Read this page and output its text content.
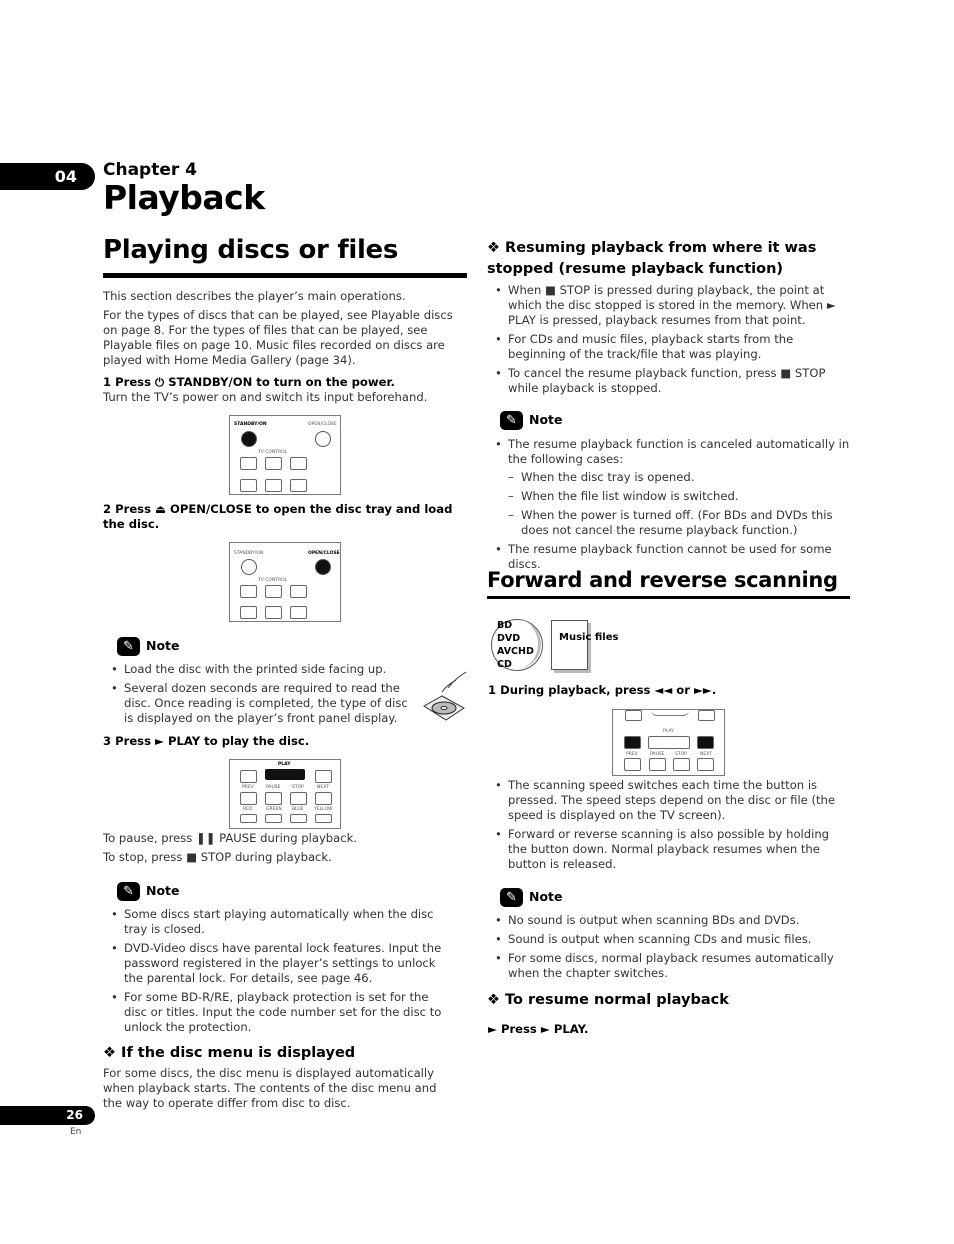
04	Chapter 4
Playback
Playing discs or files
This section describes the player’s main operations.
For the types of discs that can be played, see Playable discs on page 8. For the types of files that can be played, see Playable files on page 10. Music files recorded on discs are played with Home Media Gallery (page 34).
1 Press ⏻ STANDBY/ON to turn on the power.
Turn the TV’s power on and switch its input beforehand.
STANDBY/ON	OPEN/CLOSE
TV CONTROL
2 Press ⏏ OPEN/CLOSE to open the disc tray and load the disc.
STANDBY/ON	OPEN/CLOSE
TV CONTROL
✎ Note
• Load the disc with the printed side facing up.
• Several dozen seconds are required to read the disc. Once reading is completed, the type of disc is displayed on the player’s front panel display.
3 Press ► PLAY to play the disc.
PLAY
PREV	PAUSE	STOP	NEXT
RED	GREEN BLUE YELLOW
To pause, press ❚❚ PAUSE during playback.
To stop, press ■ STOP during playback.
✎ Note
• Some discs start playing automatically when the disc tray is closed.
• DVD-Video discs have parental lock features. Input the password registered in the player’s settings to unlock the parental lock. For details, see page 46.
• For some BD-R/RE, playback protection is set for the disc or titles. Input the code number set for the disc to unlock the protection.
❖ If the disc menu is displayed
For some discs, the disc menu is displayed automatically when playback starts. The contents of the disc menu and the way to operate differ from disc to disc.
❖ Resuming playback from where it was stopped (resume playback function)
• When ■ STOP is pressed during playback, the point at which the disc stopped is stored in the memory. When ► PLAY is pressed, playback resumes from that point.
• For CDs and music files, playback starts from the beginning of the track/file that was playing.
• To cancel the resume playback function, press ■ STOP while playback is stopped.
✎ Note
• The resume playback function is canceled automatically in the following cases:
– When the disc tray is opened.
– When the file list window is switched.
– When the power is turned off. (For BDs and DVDs this does not cancel the resume playback function.)
• The resume playback function cannot be used for some discs.
Forward and reverse scanning
BD
DVD
AVCHD
CD
Music files
1 During playback, press ◄◄ or ►►.
PLAY
PREV	PAUSE STOP	NEXT
• The scanning speed switches each time the button is pressed. The speed steps depend on the disc or file (the speed is displayed on the TV screen).
• Forward or reverse scanning is also possible by holding the button down. Normal playback resumes when the button is released.
✎ Note
• No sound is output when scanning BDs and DVDs.
• Sound is output when scanning CDs and music files.
• For some discs, normal playback resumes automatically when the chapter switches.
❖ To resume normal playback
► Press ► PLAY.
26
En
